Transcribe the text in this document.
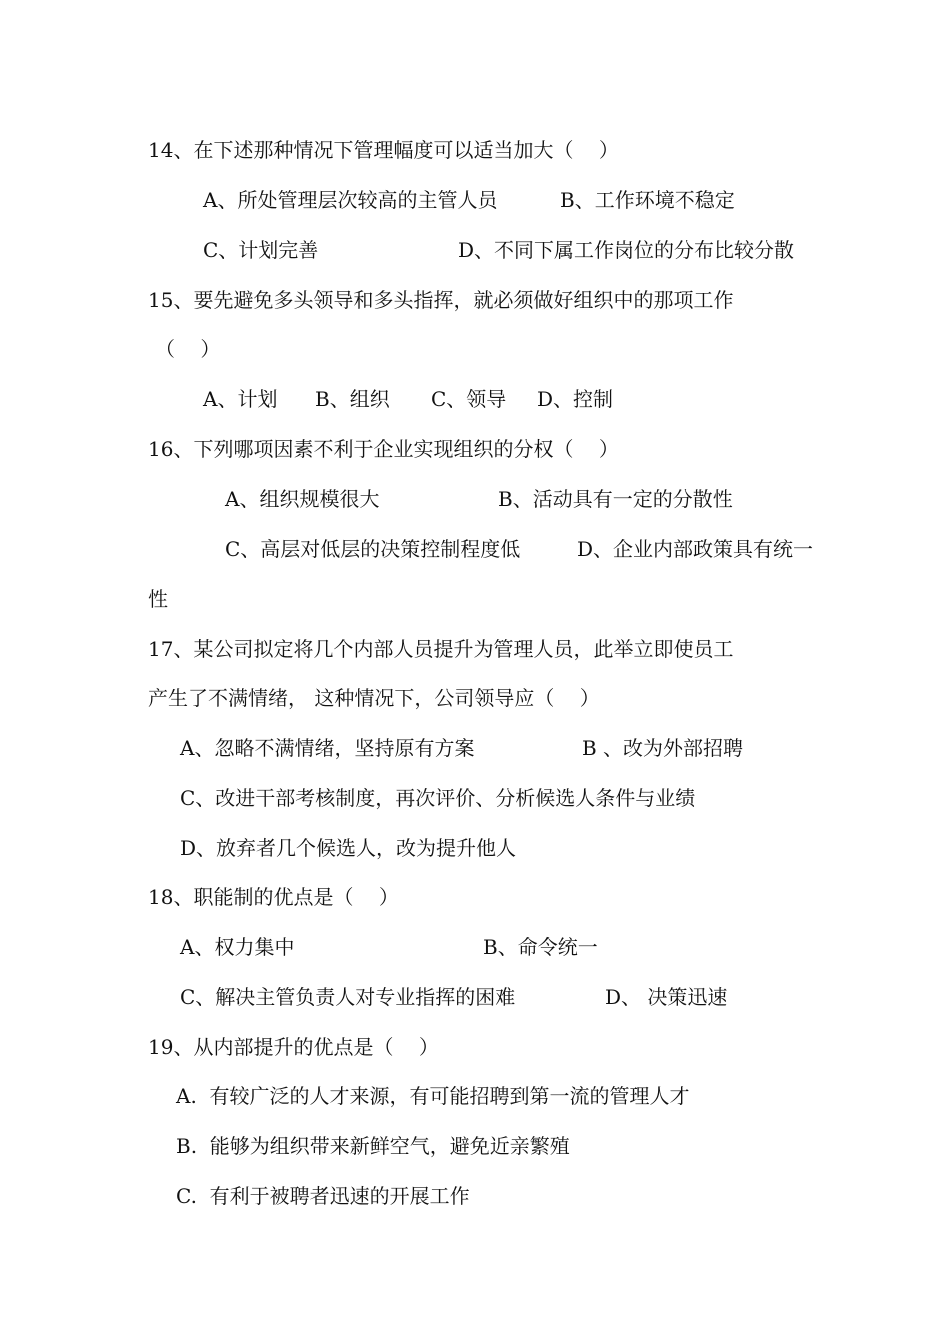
14、在下述那种情况下管理幅度可以适当加大（    ）

A、所处管理层次较高的主管人员	B、工作环境不稳定

C、计划完善	D、不同下属工作岗位的分布比较分散

15、要先避免多头领导和多头指挥，就必须做好组织中的那项工作

（    ）

A、计划 B、组织 C、领导 D、控制

16、下列哪项因素不利于企业实现组织的分权（    ）

A、组织规模很大	B、活动具有一定的分散性

C、高层对低层的决策控制程度低	D、企业内部政策具有统一

性

17、某公司拟定将几个内部人员提升为管理人员，此举立即使员工

产生了不满情绪， 这种情况下，公司领导应（    ）

A、忽略不满情绪，坚持原有方案	B 、改为外部招聘

C、改进干部考核制度，再次评价、分析候选人条件与业绩

D、放弃者几个候选人，改为提升他人

18、职能制的优点是（    ）

A、权力集中	B、命令统一

C、解决主管负责人对专业指挥的困难	D、 决策迅速

19、从内部提升的优点是（    ）

A.  有较广泛的人才来源，有可能招聘到第一流的管理人才

B.  能够为组织带来新鲜空气，避免近亲繁殖

C.  有利于被聘者迅速的开展工作
